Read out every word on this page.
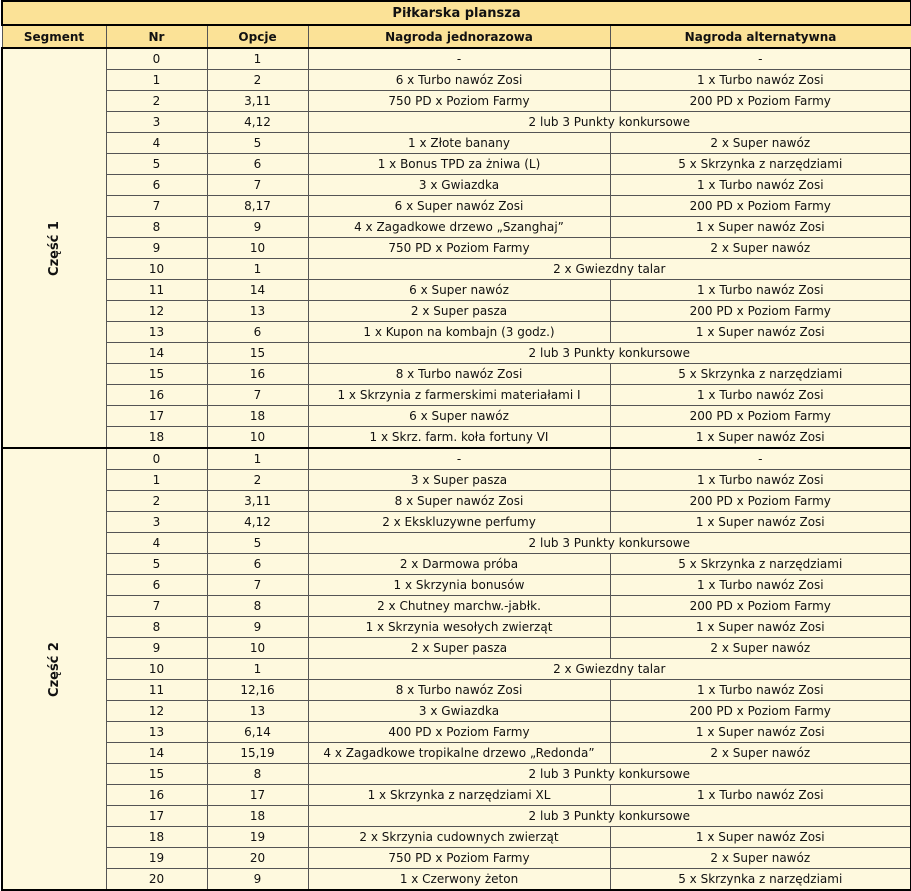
Piłkarska plansza				
Segment	Nr	Opcje	Nagroda jednorazowa	Nagroda alternatywna
Część 1	0	1	-	-
	1	2	6 x Turbo nawóz Zosi	1 x Turbo nawóz Zosi
	2	3,11	750 PD x Poziom Farmy	200 PD x Poziom Farmy
	3	4,12	2 lub 3 Punkty konkursowe	
	4	5	1 x Złote banany	2 x Super nawóz
	5	6	1 x Bonus TPD za żniwa (L)	5 x Skrzynka z narzędziami
	6	7	3 x Gwiazdka	1 x Turbo nawóz Zosi
	7	8,17	6 x Super nawóz Zosi	200 PD x Poziom Farmy
	8	9	4 x Zagadkowe drzewo „Szanghaj”	1 x Super nawóz Zosi
	9	10	750 PD x Poziom Farmy	2 x Super nawóz
	10	1	2 x Gwiezdny talar	
	11	14	6 x Super nawóz	1 x Turbo nawóz Zosi
	12	13	2 x Super pasza	200 PD x Poziom Farmy
	13	6	1 x Kupon na kombajn (3 godz.)	1 x Super nawóz Zosi
	14	15	2 lub 3 Punkty konkursowe	
	15	16	8 x Turbo nawóz Zosi	5 x Skrzynka z narzędziami
	16	7	1 x Skrzynia z farmerskimi materiałami I	1 x Turbo nawóz Zosi
	17	18	6 x Super nawóz	200 PD x Poziom Farmy
	18	10	1 x Skrz. farm. koła fortuny VI	1 x Super nawóz Zosi
Część 2	0	1	-	-
	1	2	3 x Super pasza	1 x Turbo nawóz Zosi
	2	3,11	8 x Super nawóz Zosi	200 PD x Poziom Farmy
	3	4,12	2 x Ekskluzywne perfumy	1 x Super nawóz Zosi
	4	5	2 lub 3 Punkty konkursowe	
	5	6	2 x Darmowa próba	5 x Skrzynka z narzędziami
	6	7	1 x Skrzynia bonusów	1 x Turbo nawóz Zosi
	7	8	2 x Chutney marchw.-jabłk.	200 PD x Poziom Farmy
	8	9	1 x Skrzynia wesołych zwierząt	1 x Super nawóz Zosi
	9	10	2 x Super pasza	2 x Super nawóz
	10	1	2 x Gwiezdny talar	
	11	12,16	8 x Turbo nawóz Zosi	1 x Turbo nawóz Zosi
	12	13	3 x Gwiazdka	200 PD x Poziom Farmy
	13	6,14	400 PD x Poziom Farmy	1 x Super nawóz Zosi
	14	15,19	4 x Zagadkowe tropikalne drzewo „Redonda”	2 x Super nawóz
	15	8	2 lub 3 Punkty konkursowe	
	16	17	1 x Skrzynka z narzędziami XL	1 x Turbo nawóz Zosi
	17	18	2 lub 3 Punkty konkursowe	
	18	19	2 x Skrzynia cudownych zwierząt	1 x Super nawóz Zosi
	19	20	750 PD x Poziom Farmy	2 x Super nawóz
	20	9	1 x Czerwony żeton	5 x Skrzynka z narzędziami
